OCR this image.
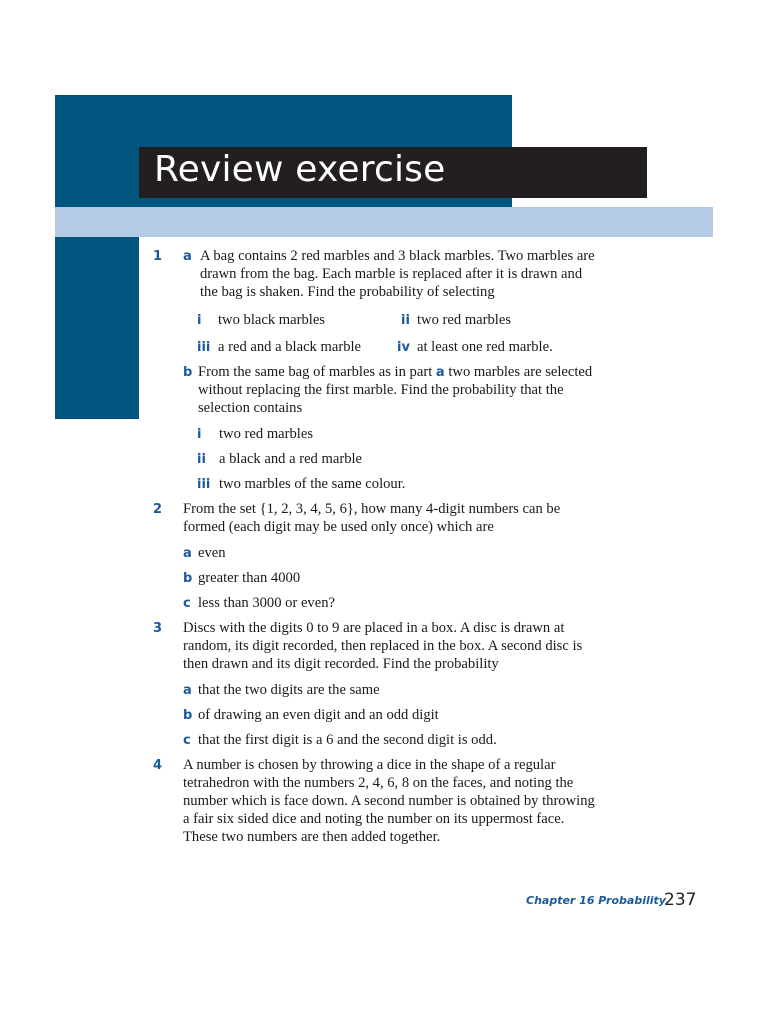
Review exercise
1 a A bag contains 2 red marbles and 3 black marbles. Two marbles are
drawn from the bag. Each marble is replaced after it is drawn and
the bag is shaken. Find the probability of selecting
i two black marbles	ii two red marbles
iii a red and a black marble	iv at least one red marble.
b From the same bag of marbles as in part a two marbles are selected
without replacing the first marble. Find the probability that the
selection contains
i two red marbles
ii a black and a red marble
iii two marbles of the same colour.
2 From the set {1, 2, 3, 4, 5, 6}, how many 4-digit numbers can be
formed (each digit may be used only once) which are
a even
b greater than 4000
c less than 3000 or even?
3 Discs with the digits 0 to 9 are placed in a box. A disc is drawn at
random, its digit recorded, then replaced in the box. A second disc is
then drawn and its digit recorded. Find the probability
a that the two digits are the same
b of drawing an even digit and an odd digit
c that the first digit is a 6 and the second digit is odd.
4 A number is chosen by throwing a dice in the shape of a regular
tetrahedron with the numbers 2, 4, 6, 8 on the faces, and noting the
number which is face down. A second number is obtained by throwing
a fair six sided dice and noting the number on its uppermost face.
These two numbers are then added together.
Chapter 16 Probability
237
